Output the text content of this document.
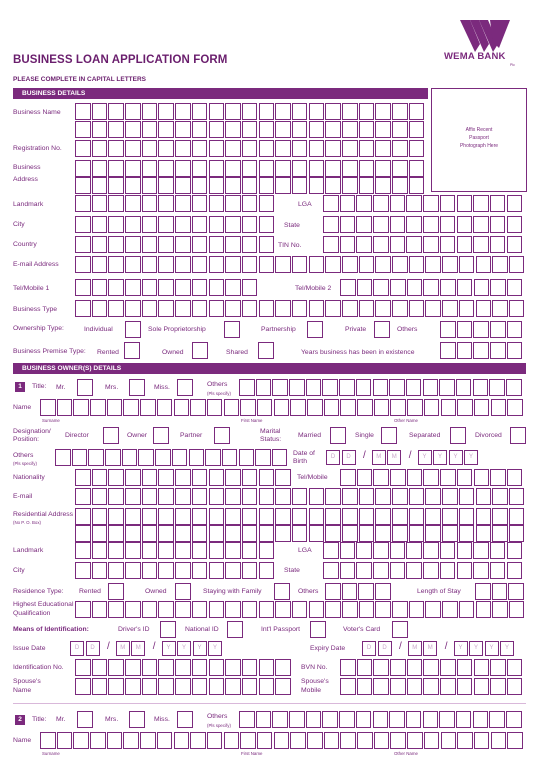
BUSINESS LOAN APPLICATION FORM
PLEASE COMPLETE IN CAPITAL LETTERS
WEMA BANK
Plc
BUSINESS DETAILS
Affix Recent
Passport
Photograph Here
Business Name
Registration No.
Business
Address
Landmark	LGA
City	State
Country	TIN No.
E-mail Address
Tel/Mobile 1	Tel/Mobile 2
Business Type
Ownership Type:	Individual	Sole Proprietorship	Partnership	Private	Others
Business Premise Type: Rented	Owned	Shared	Years business has been in existence
BUSINESS OWNER(S) DETAILS
1	Title: Mr.	Mrs.	Miss.	Others
(Pls specify)
Name
Surname	First Name	Other Name
Designation/
Position:
Director	Owner	Partner
Marital
Status:
Married	Single	Separated	Divorced
Others
(Pls specify)
Date of
Birth
D	D	/	M	M	/	Y	Y	Y	Y
Nationality	Tel/Mobile
E-mail
Residential Address
(No P. O. Box)
Landmark	LGA
City	State
Residence Type: Rented	Owned	Staying with Family	Others	Length of Stay
Highest Educational
Qualification
Means of Identification:	Driver's ID	National ID	Int'l Passport	Voter's Card
Issue Date	D	D	/	M	M	/	Y	Y	Y	Y	Expiry Date	D	D	/	M	M	/	Y	Y	Y	Y
Identification No.	BVN No.
Spouse's
Name
Spouse's
Mobile
2	Title: Mr.	Mrs.	Miss.	Others
(Pls specify)
Name
Surname	First Name	Other Name
